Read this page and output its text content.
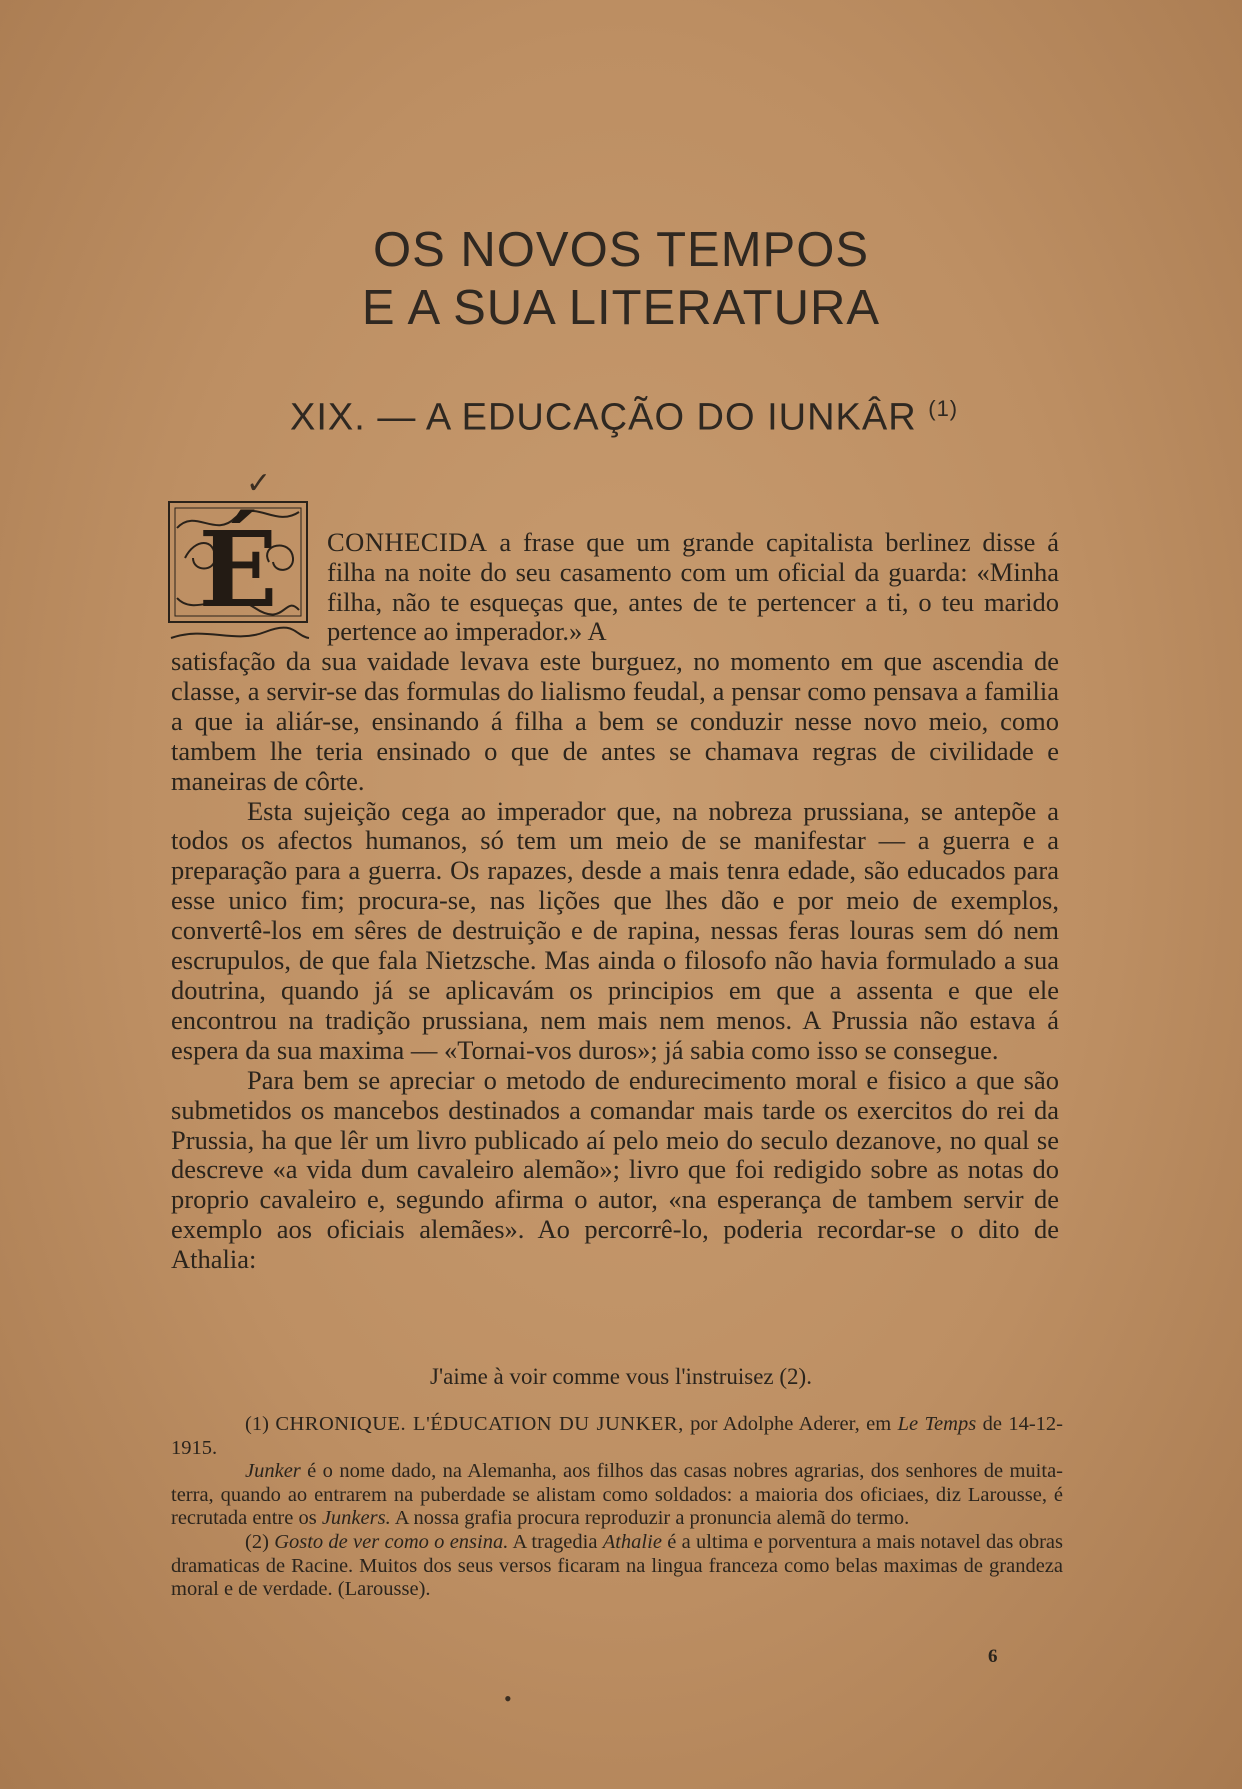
OS NOVOS TEMPOS
E A SUA LITERATURA
XIX. — A EDUCAÇÃO DO IUNKÂR $^{(1)}$
É CONHECIDA a frase que um grande capitalista berlinez disse á filha na noite do seu casamento com um oficial da guarda: «Minha filha, não te esqueças que, antes de te pertencer a ti, o teu marido pertence ao imperador.» A

satisfação da sua vaidade levava este burguez, no momento em que ascendia de classe, a servir-se das formulas do lialismo feudal, a pensar como pensava a familia a que ia aliár-se, ensinando á filha a bem se conduzir nesse novo meio, como tambem lhe teria ensinado o que de antes se chamava regras de civilidade e maneiras de côrte.

Esta sujeição cega ao imperador que, na nobreza prussiana, se antepõe a todos os afectos humanos, só tem um meio de se manifestar — a guerra e a preparação para a guerra. Os rapazes, desde a mais tenra edade, são educados para esse unico fim; procura-se, nas lições que lhes dão e por meio de exemplos, convertê-los em sêres de destruição e de rapina, nessas feras louras sem dó nem escrupulos, de que fala Nietzsche. Mas ainda o filosofo não havia formulado a sua doutrina, quando já se aplicavám os principios em que a assenta e que ele encontrou na tradição prussiana, nem mais nem menos. A Prussia não estava á espera da sua maxima — «Tornai-vos duros»; já sabia como isso se consegue.

Para bem se apreciar o metodo de endurecimento moral e fisico a que são submetidos os mancebos destinados a comandar mais tarde os exercitos do rei da Prussia, ha que lêr um livro publicado aí pelo meio do seculo dezanove, no qual se descreve «a vida dum cavaleiro alemão»; livro que foi redigido sobre as notas do proprio cavaleiro e, segundo afirma o autor, «na esperança de tambem servir de exemplo aos oficiais alemães». Ao percorrê-lo, poderia recordar-se o dito de Athalia:

J'aime à voir comme vous l'instruisez (2).

(1) CHRONIQUE. L'ÉDUCATION DU JUNKER, por Adolphe Aderer, em Le Temps de 14-12-1915.

Junker é o nome dado, na Alemanha, aos filhos das casas nobres agrarias, dos senhores de muita-terra, quando ao entrarem na puberdade se alistam como soldados: a maioria dos oficiaes, diz Larousse, é recrutada entre os Junkers. A nossa grafia procura reproduzir a pronuncia alemã do termo.

(2) Gosto de ver como o ensina. A tragedia Athalie é a ultima e porventura a mais notavel das obras dramaticas de Racine. Muitos dos seus versos ficaram na lingua franceza como belas maximas de grandeza moral e de verdade. (Larousse).

6
✓
•
